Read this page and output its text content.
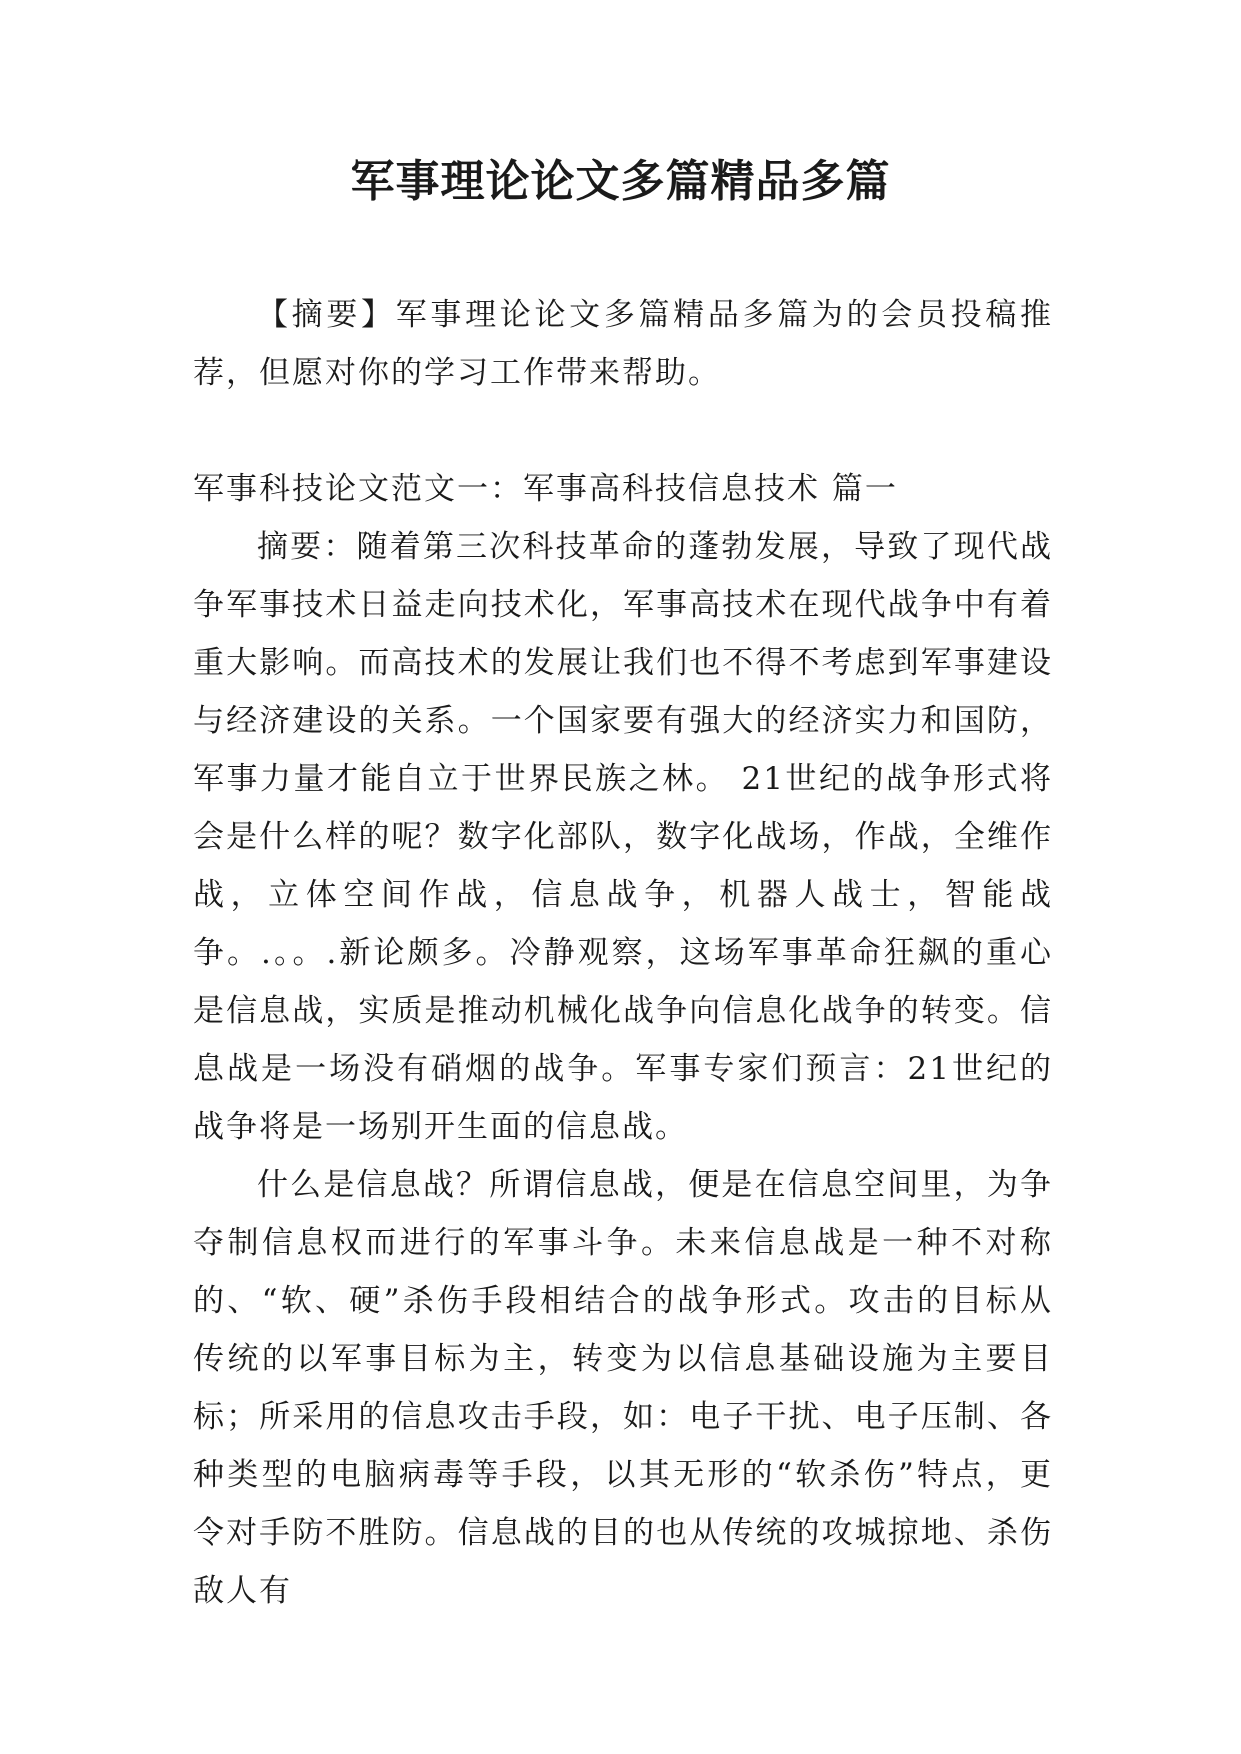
军事理论论文多篇精品多篇

【摘要】军事理论论文多篇精品多篇为的会员投稿推荐，但愿对你的学习工作带来帮助。

军事科技论文范文一：军事高科技信息技术 篇一

摘要：随着第三次科技革命的蓬勃发展，导致了现代战争军事技术日益走向技术化，军事高技术在现代战争中有着重大影响。而高技术的发展让我们也不得不考虑到军事建设与经济建设的关系。一个国家要有强大的经济实力和国防，军事力量才能自立于世界民族之林。 21世纪的战争形式将会是什么样的呢？数字化部队，数字化战场，作战，全维作战，立体空间作战，信息战争，机器人战士，智能战争。.。。.新论颇多。冷静观察，这场军事革命狂飙的重心是信息战，实质是推动机械化战争向信息化战争的转变。信息战是一场没有硝烟的战争。军事专家们预言：21世纪的战争将是一场别开生面的信息战。

什么是信息战？所谓信息战，便是在信息空间里，为争夺制信息权而进行的军事斗争。未来信息战是一种不对称的、“软、硬”杀伤手段相结合的战争形式。攻击的目标从传统的以军事目标为主，转变为以信息基础设施为主要目标；所采用的信息攻击手段，如：电子干扰、电子压制、各种类型的电脑病毒等手段，以其无形的“软杀伤”特点，更令对手防不胜防。信息战的目的也从传统的攻城掠地、杀伤敌人有
